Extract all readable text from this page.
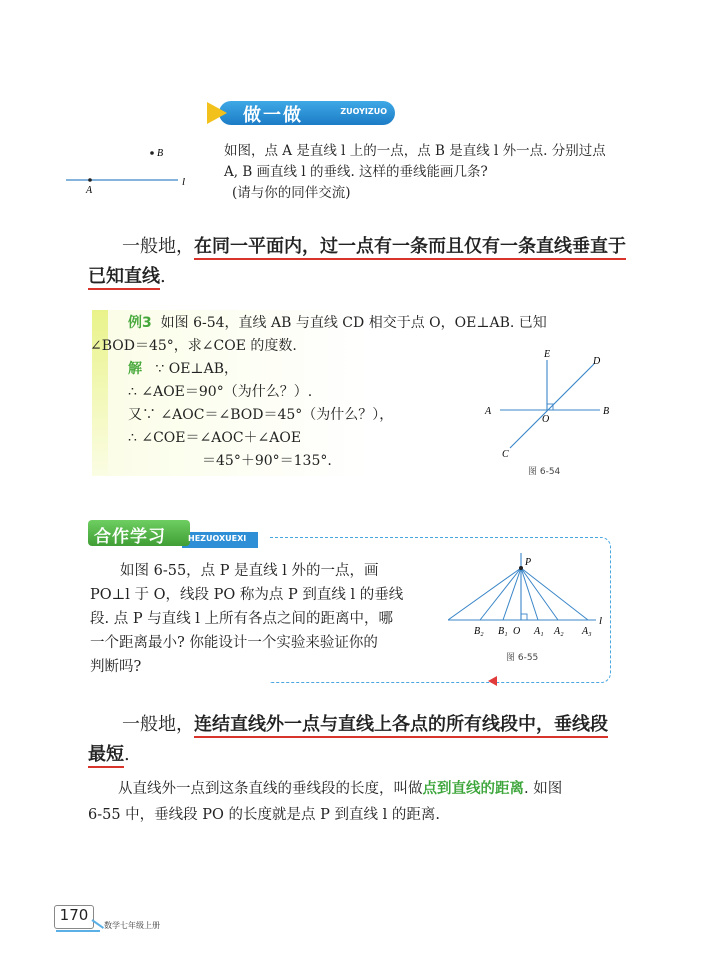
做一做	ZUOYIZUO
B
A
l
如图，点 A 是直线 l 上的一点，点 B 是直线 l 外一点. 分别过点
A, B 画直线 l 的垂线. 这样的垂线能画几条?
(请与你的同伴交流)
一般地，在同一平面内，过一点有一条而且仅有一条直线垂直于
已知直线.
例3 如图 6-54，直线 AB 与直线 CD 相交于点 O，OE⊥AB. 已知
∠BOD＝45°，求∠COE 的度数.
解 ∵ OE⊥AB，
∴ ∠AOE＝90°（为什么？）.
又∵ ∠AOC＝∠BOD＝45°（为什么？），
∴ ∠COE＝∠AOC＋∠AOE
＝45°＋90°＝135°.
E
D
A	B
O
C
图 6-54
合作学习	HEZUOXUEXI
如图 6-55，点 P 是直线 l 外的一点，画
PO⊥l 于 O，线段 PO 称为点 P 到直线 l 的垂线
段. 点 P 与直线 l 上所有各点之间的距离中，哪
一个距离最小? 你能设计一个实验来验证你的
判断吗?
P
B₂ B₁ O A₁ A₂ A₃
l
图 6-55
一般地，连结直线外一点与直线上各点的所有线段中，垂线段
最短.
从直线外一点到这条直线的垂线段的长度，叫做点到直线的距离. 如图
6-55 中，垂线段 PO 的长度就是点 P 到直线 l 的距离.
170
数学七年级上册
